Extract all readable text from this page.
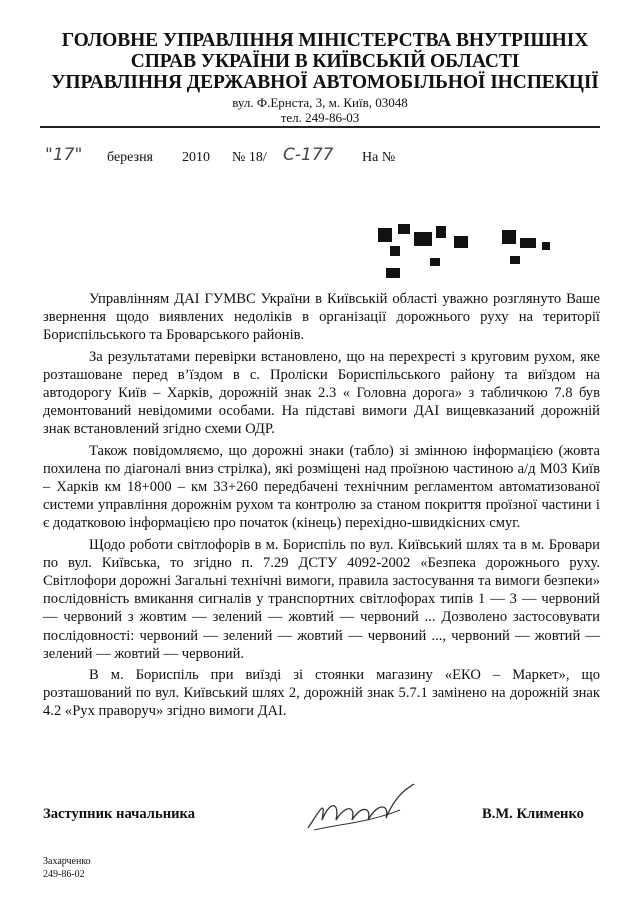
ГОЛОВНЕ УПРАВЛІННЯ МІНІСТЕРСТВА ВНУТРІШНІХ
СПРАВ УКРАЇНИ В КИЇВСЬКІЙ ОБЛАСТІ
УПРАВЛІННЯ ДЕРЖАВНОЇ АВТОМОБІЛЬНОЇ ІНСПЕКЦІЇ
вул. Ф.Ернста, 3, м. Київ, 03048
тел. 249-86-03
"17" березня 2010 № 18/ С-177 На №

Управлінням ДАІ ГУМВС України в Київській області уважно розглянуто Ваше звернення щодо виявлених недоліків в організації дорожнього руху на території Бориспільського та Броварського районів.

За результатами перевірки встановлено, що на перехресті з круговим рухом, яке розташоване перед в’їздом в с. Проліски Бориспільського району та виїздом на автодорогу Київ – Харків, дорожній знак 2.3 « Головна дорога» з табличкою 7.8 був демонтований невідомими особами. На підставі вимоги ДАІ вищевказаний дорожній знак встановлений згідно схеми ОДР.

Також повідомляємо, що дорожні знаки (табло) зі змінною інформацією (жовта похилена по діагоналі вниз стрілка), які розміщені над проїзною частиною а/д М03 Київ – Харків км 18+000 – км 33+260 передбачені технічним регламентом автоматизованої системи управління дорожнім рухом та контролю за станом покриття проїзної частини і є додатковою інформацією про початок (кінець) перехідно-швидкісних смуг.

Щодо роботи світлофорів в м. Бориспіль по вул. Київський шлях та в м. Бровари по вул. Київська, то згідно п. 7.29 ДСТУ 4092-2002 «Безпека дорожнього руху. Світлофори дорожні Загальні технічні вимоги, правила застосування та вимоги безпеки» послідовність вмикання сигналів у транспортних світлофорах типів 1 — 3 — червоний — червоний з жовтим — зелений — жовтий — червоний ... Дозволено застосовувати послідовності: червоний — зелений — жовтий — червоний ..., червоний — жовтий — зелений — жовтий — червоний.

В м. Бориспіль при виїзді зі стоянки магазину «ЕКО – Маркет», що розташований по вул. Київський шлях 2, дорожній знак 5.7.1 замінено на дорожній знак 4.2 «Рух праворуч» згідно вимоги ДАІ.

Заступник начальника	В.М. Клименко
Захарченко
249-86-02
